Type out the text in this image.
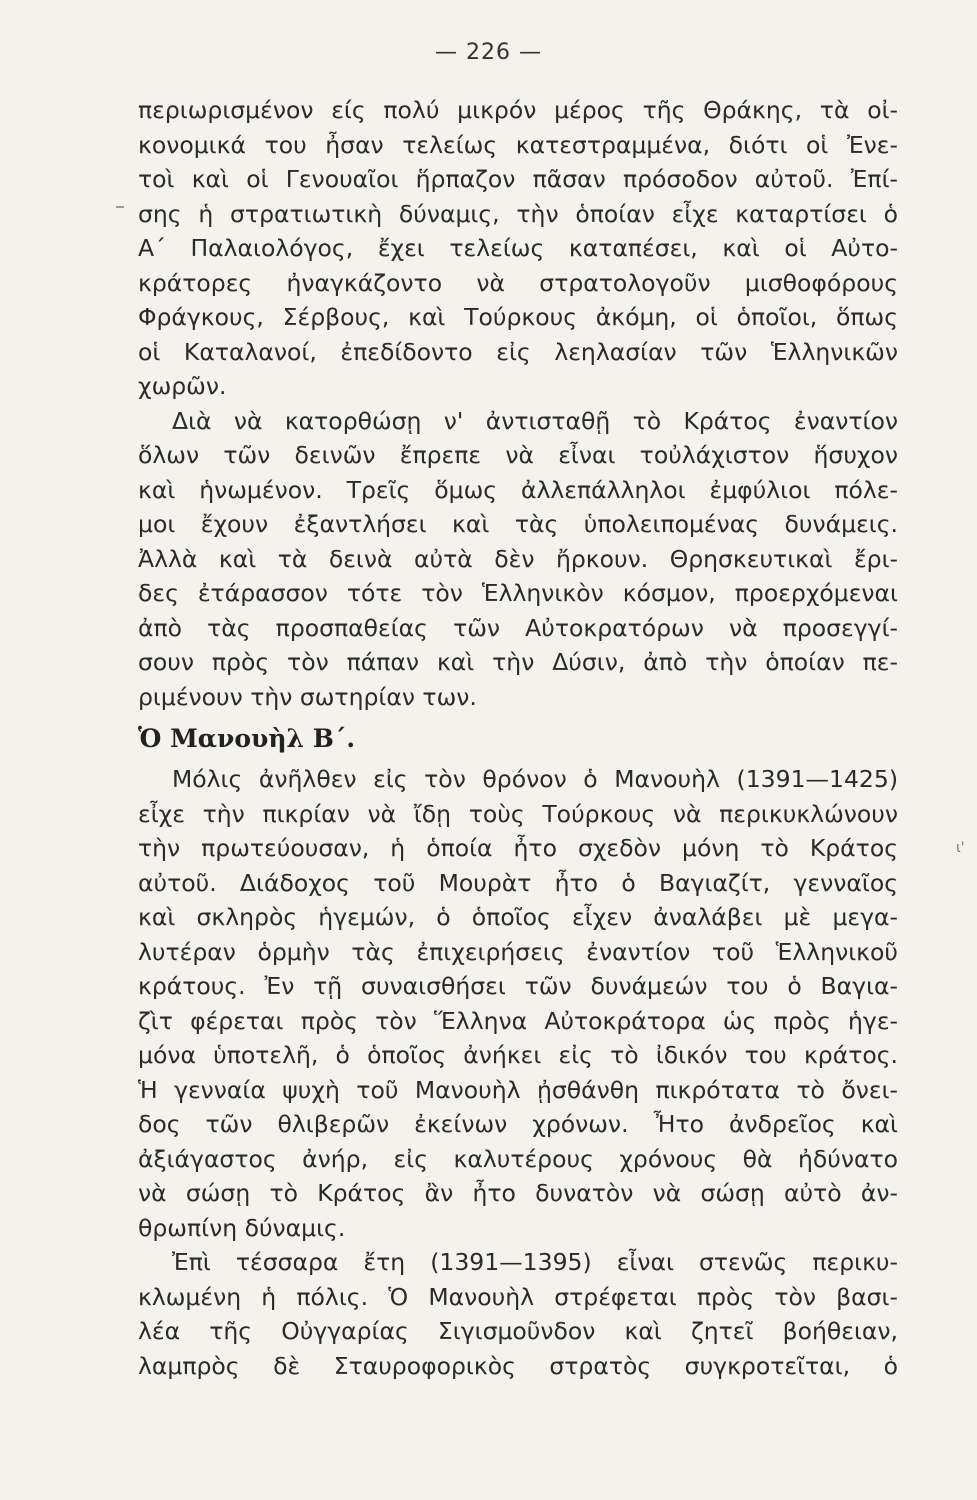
— 226 —
ι'
περιωρισμένον είς πολύ μικρόν μέρος τῆς Θράκης, τὰ οἰ-
κονομικά του ἦσαν τελείως κατεστραμμένα, διότι οἱ Ἐνε-
τοὶ καὶ οἱ Γενουαῖοι ἥρπαζον πᾶσαν πρόσοδον αὐτοῦ. Ἐπί-
σης ἡ στρατιωτικὴ δύναμις, τὴν ὁποίαν εἶχε καταρτίσει ὁ
Α΄ Παλαιολόγος, ἔχει τελείως καταπέσει, καὶ οἱ Αὐτο-
κράτορες ἠναγκάζοντο νὰ στρατολογοῦν μισθοφόρους
Φράγκους, Σέρβους, καὶ Τούρκους ἀκόμη, οἱ ὁποῖοι, ὅπως
οἱ Καταλανοί, ἐπεδίδοντο εἰς λεηλασίαν τῶν Ἑλληνικῶν
χωρῶν.
Διὰ νὰ κατορθώσῃ ν' ἀντισταθῇ τὸ Κράτος ἐναντίον
ὅλων τῶν δεινῶν ἔπρεπε νὰ εἶναι τοὐλάχιστον ἥσυχον
καὶ ἡνωμένον. Τρεῖς ὅμως ἀλλεπάλληλοι ἐμφύλιοι πόλε-
μοι ἔχουν ἐξαντλήσει καὶ τὰς ὑπολειπομένας δυνάμεις.
Ἀλλὰ καὶ τὰ δεινὰ αὐτὰ δὲν ἤρκουν. Θρησκευτικαὶ ἔρι-
δες ἐτάρασσον τότε τὸν Ἑλληνικὸν κόσμον, προερχόμεναι
ἀπὸ τὰς προσπαθείας τῶν Αὐτοκρατόρων νὰ προσεγγί-
σουν πρὸς τὸν πάπαν καὶ τὴν Δύσιν, ἀπὸ τὴν ὁποίαν πε-
ριμένουν τὴν σωτηρίαν των.
Ὁ Μανουὴλ Β΄.
Μόλις ἀνῆλθεν εἰς τὸν θρόνον ὁ Μανουὴλ (1391—1425)
εἶχε τὴν πικρίαν νὰ ἴδῃ τοὺς Τούρκους νὰ περικυκλώνουν
τὴν πρωτεύουσαν, ἡ ὁποία ἦτο σχεδὸν μόνη τὸ Κράτος
αὐτοῦ. Διάδοχος τοῦ Μουρὰτ ἦτο ὁ Βαγιαζίτ, γενναῖος
καὶ σκληρὸς ἡγεμών, ὁ ὁποῖος εἶχεν ἀναλάβει μὲ μεγα-
λυτέραν ὁρμὴν τὰς ἐπιχειρήσεις ἐναντίον τοῦ Ἑλληνικοῦ
κράτους. Ἐν τῇ συναισθήσει τῶν δυνάμεών του ὁ Βαγια-
ζὶτ φέρεται πρὸς τὸν Ἕλληνα Αὐτοκράτορα ὡς πρὸς ἡγε-
μόνα ὑποτελῆ, ὁ ὁποῖος ἀνήκει εἰς τὸ ἰδικόν του κράτος.
Ἡ γενναία ψυχὴ τοῦ Μανουὴλ ᾐσθάνθη πικρότατα τὸ ὄνει-
δος τῶν θλιβερῶν ἐκείνων χρόνων. Ἦτο ἀνδρεῖος καὶ
ἀξιάγαστος ἀνήρ, εἰς καλυτέρους χρόνους θὰ ἠδύνατο
νὰ σώσῃ τὸ Κράτος ἂν ἦτο δυνατὸν νὰ σώσῃ αὐτὸ ἀν-
θρωπίνη δύναμις.
Ἐπὶ τέσσαρα ἔτη (1391—1395) εἶναι στενῶς περικυ-
κλωμένη ἡ πόλις. Ὁ Μανουὴλ στρέφεται πρὸς τὸν βασι-
λέα τῆς Οὐγγαρίας Σιγισμοῦνδον καὶ ζητεῖ βοήθειαν,
λαμπρὸς δὲ Σταυροφορικὸς στρατὸς συγκροτεῖται, ὁ
